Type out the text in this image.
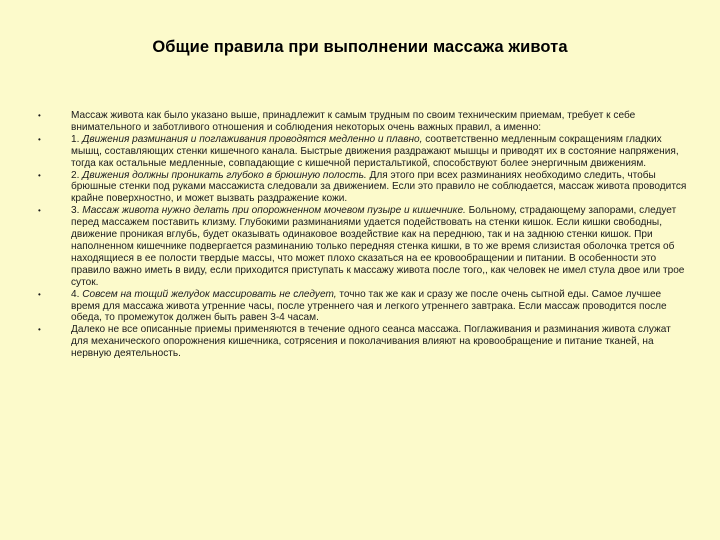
Общие правила при выполнении массажа живота
•	Массаж живота как было указано выше, принадлежит к самым трудным по своим техническим приемам, требует к себе внимательного и заботливого отношения и соблюдения некоторых очень важных правил, а именно:
•	1. Движения разминания и поглаживания проводятся медленно и плавно, соответственно медленным сокращениям гладких мышц, составляющих стенки кишечного канала. Быстрые движения раздражают мышцы и приводят их в состояние напряжения, тогда как остальные медленные, совпадающие с кишечной перистальтикой, способствуют более энергичным движениям.
•	2. Движения должны проникать глубоко в брюшную полость. Для этого при всех разминаниях необходимо следить, чтобы брюшные стенки под руками массажиста следовали за движением. Если это правило не соблюдается, массаж живота проводится крайне поверхностно, и может вызвать раздражение кожи.
•	3. Массаж живота нужно делать при опорожненном мочевом пузыре и кишечнике. Больному, страдающему запорами, следует перед массажем поставить клизму. Глубокими разминаниями удается подействовать на стенки кишок. Если кишки свободны, движение проникая вглубь, будет оказывать одинаковое воздействие как на переднюю, так и на заднюю стенки кишок. При наполненном кишечнике подвергается разминанию только передняя стенка кишки, в то же время слизистая оболочка трется об находящиеся в ее полости твердые массы, что может плохо сказаться на ее кровообращении и питании. В особенности это правило важно иметь в виду, если приходится приступать к массажу живота после того,, как человек не имел стула двое или трое суток.
•	4. Совсем на тощий желудок массировать не следует, точно так же как и сразу же после очень сытной еды. Самое лучшее время для массажа живота утренние часы, после утреннего чая и легкого утреннего завтрака. Если массаж проводится после обеда, то промежуток должен быть равен 3-4 часам.
•	Далеко не все описанные приемы применяются в течение одного сеанса массажа. Поглаживания и разминания живота служат для механического опорожнения кишечника, сотрясения и поколачивания влияют на кровообращение и питание тканей, на нервную деятельность.
